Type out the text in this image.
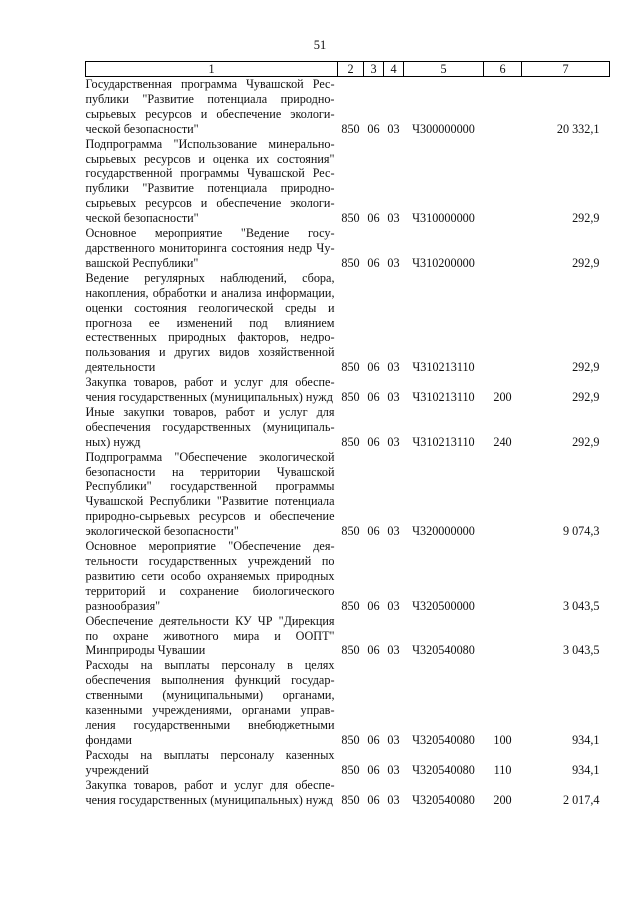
51
1	2	3	4	5	6	7
Государственная программа Чувашской Республики "Развитие потенциала природно-сырьевых ресурсов и обеспечение экологической безопасности"	850	06	03	Ч300000000		20 332,1
Подпрограмма "Использование минерально-сырьевых ресурсов и оценка их состояния" государственной программы Чувашской Республики "Развитие потенциала природно-сырьевых ресурсов и обеспечение экологической безопасности"	850	06	03	Ч310000000		292,9
Основное мероприятие "Ведение государственного мониторинга состояния недр Чувашской Республики"	850	06	03	Ч310200000		292,9
Ведение регулярных наблюдений, сбора, накопления, обработки и анализа информации, оценки состояния геологической среды и прогноза ее изменений под влиянием естественных природных факторов, недропользования и других видов хозяйственной деятельности	850	06	03	Ч310213110		292,9
Закупка товаров, работ и услуг для обеспечения государственных (муниципальных) нужд	850	06	03	Ч310213110	200	292,9
Иные закупки товаров, работ и услуг для обеспечения государственных (муниципальных) нужд	850	06	03	Ч310213110	240	292,9
Подпрограмма "Обеспечение экологической безопасности на территории Чувашской Республики" государственной программы Чувашской Республики "Развитие потенциала природно-сырьевых ресурсов и обеспечение экологической безопасности"	850	06	03	Ч320000000		9 074,3
Основное мероприятие "Обеспечение деятельности государственных учреждений по развитию сети особо охраняемых природных территорий и сохранение биологического разнообразия"	850	06	03	Ч320500000		3 043,5
Обеспечение деятельности КУ ЧР "Дирекция по охране животного мира и ООПТ" Минприроды Чувашии	850	06	03	Ч320540080		3 043,5
Расходы на выплаты персоналу в целях обеспечения выполнения функций государственными (муниципальными) органами, казенными учреждениями, органами управления государственными внебюджетными фондами	850	06	03	Ч320540080	100	934,1
Расходы на выплаты персоналу казенных учреждений	850	06	03	Ч320540080	110	934,1
Закупка товаров, работ и услуг для обеспечения государственных (муниципальных) нужд	850	06	03	Ч320540080	200	2 017,4
